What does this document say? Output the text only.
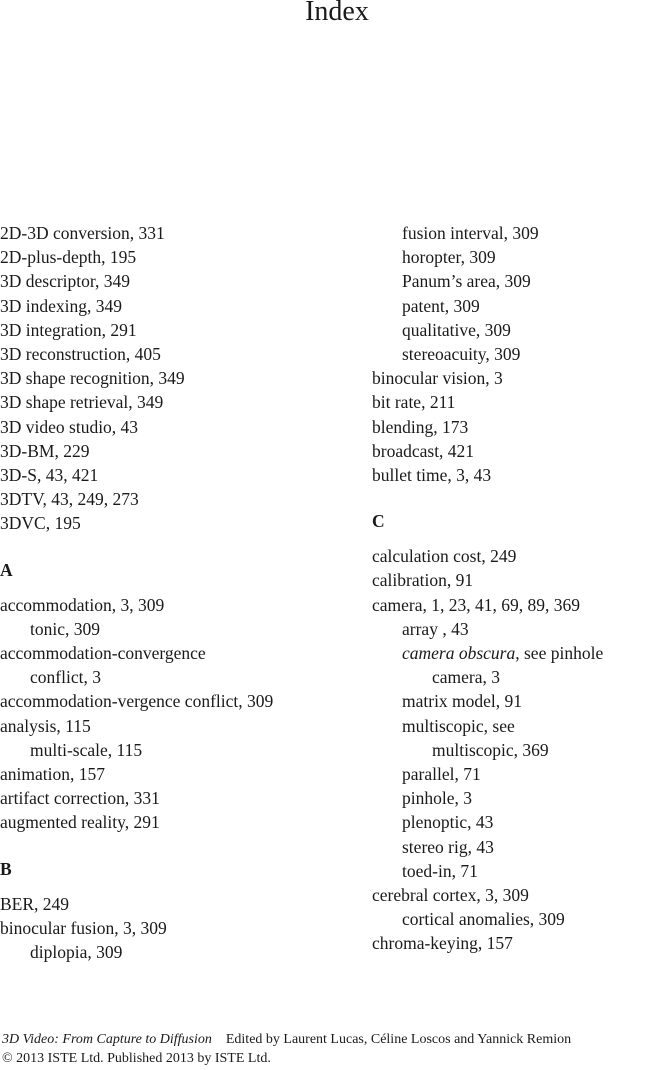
Index
2D-3D conversion, 331
2D-plus-depth, 195
3D descriptor, 349
3D indexing, 349
3D integration, 291
3D reconstruction, 405
3D shape recognition, 349
3D shape retrieval, 349
3D video studio, 43
3D-BM, 229
3D-S, 43, 421
3DTV, 43, 249, 273
3DVC, 195
A
accommodation, 3, 309
tonic, 309
accommodation-convergence
conflict, 3
accommodation-vergence conflict, 309
analysis, 115
multi-scale, 115
animation, 157
artifact correction, 331
augmented reality, 291
B
BER, 249
binocular fusion, 3, 309
diplopia, 309
fusion interval, 309
horopter, 309
Panum’s area, 309
patent, 309
qualitative, 309
stereoacuity, 309
binocular vision, 3
bit rate, 211
blending, 173
broadcast, 421
bullet time, 3, 43
C
calculation cost, 249
calibration, 91
camera, 1, 23, 41, 69, 89, 369
array , 43
camera obscura, see pinhole
camera, 3
matrix model, 91
multiscopic, see
multiscopic, 369
parallel, 71
pinhole, 3
plenoptic, 43
stereo rig, 43
toed-in, 71
cerebral cortex, 3, 309
cortical anomalies, 309
chroma-keying, 157
3D Video: From Capture to Diffusion Edited by Laurent Lucas, Céline Loscos and Yannick Remion
© 2013 ISTE Ltd. Published 2013 by ISTE Ltd.
